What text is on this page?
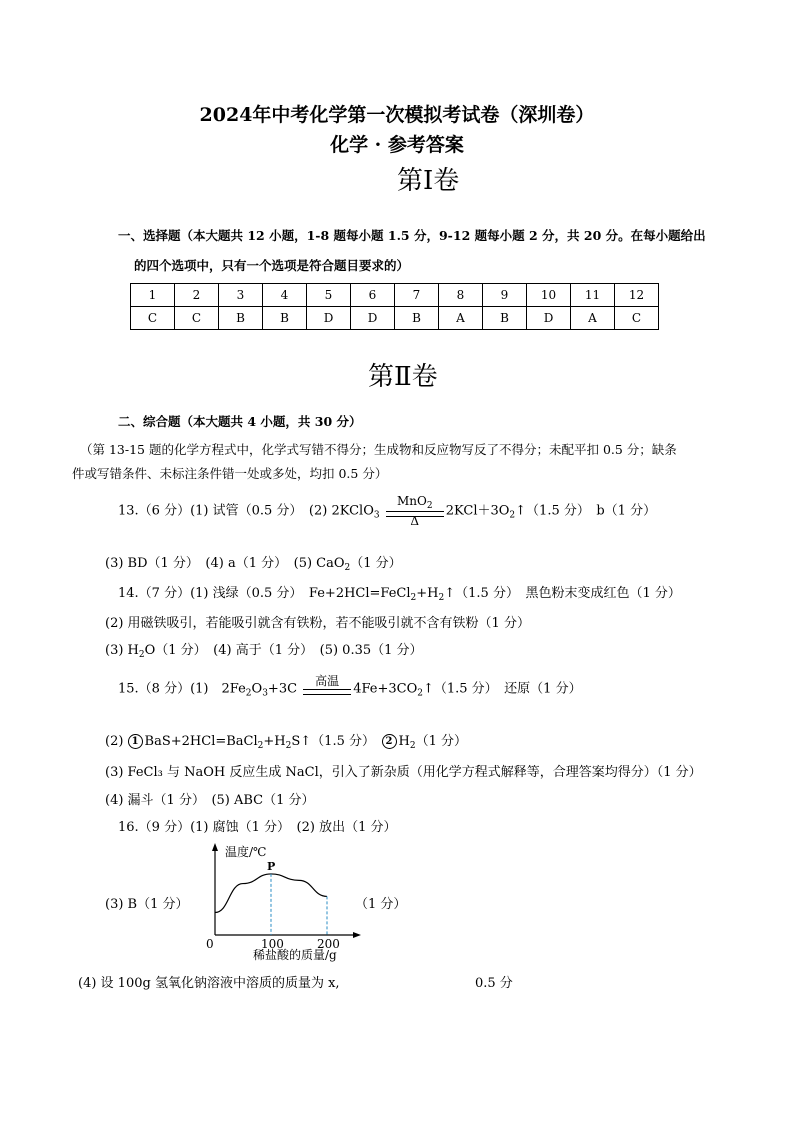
2024年中考化学第一次模拟考试卷（深圳卷）
化学 · 参考答案
第Ⅰ卷
一、选择题（本大题共 12 小题，1-8 题每小题 1.5 分，9-12 题每小题 2 分，共 20 分。在每小题给出
的四个选项中，只有一个选项是符合题目要求的）
1	2	3	4	5	6	7	8	9	10	11	12
C	C	B	B	D	D	B	A	B	D	A	C
第Ⅱ卷
二、综合题（本大题共 4 小题，共 30 分）
（第 13-15 题的化学方程式中，化学式写错不得分；生成物和反应物写反了不得分；未配平扣 0.5 分；缺条
件或写错条件、未标注条件错一处或多处，均扣 0.5 分）
13.（6 分）(1) 试管（0.5 分）　(2) 2KClO$_3$
MnO$_2$
Δ
$2KCl+3O_2↑(1.5$ 分）　b（1 分）
(3) BD（1 分）　(4) a（1 分）　(5) CaO$_2$（1 分）
14.（7 分）(1) 浅绿（0.5 分）　$Fe+2HCl=FeCl_2+H_2↑(1.5$ 分）　黑色粉末变成红色（1 分）
(2) 用磁铁吸引，若能吸引就含有铁粉，若不能吸引就不含有铁粉（1 分）
(3) $H_2O(1$ 分）　(4) 高于（1 分）　(5) 0.35（1 分）
15.（8 分）(1)　$2Fe_2O_3+3C$
高温
$4Fe+3CO_2↑(1.5$ 分）　还原（1 分）
(2) 1 $BaS+2HCl=BaCl_2+H_2S↑(1.5$ 分）　 2 $H_2(1$ 分）
(3) FeCl₃ 与 NaOH 反应生成 NaCl，引入了新杂质（用化学方程式解释等，合理答案均得分）（1 分）
(4) 漏斗（1 分）　(5) ABC（1 分）
16.（9 分）(1) 腐蚀（1 分）　(2) 放出（1 分）
(3) B（1 分）	（1 分）
温度/℃
P
0	100	200
稀盐酸的质量/g
(4) 设 100g 氢氧化钠溶液中溶质的质量为 x,	0.5 分
